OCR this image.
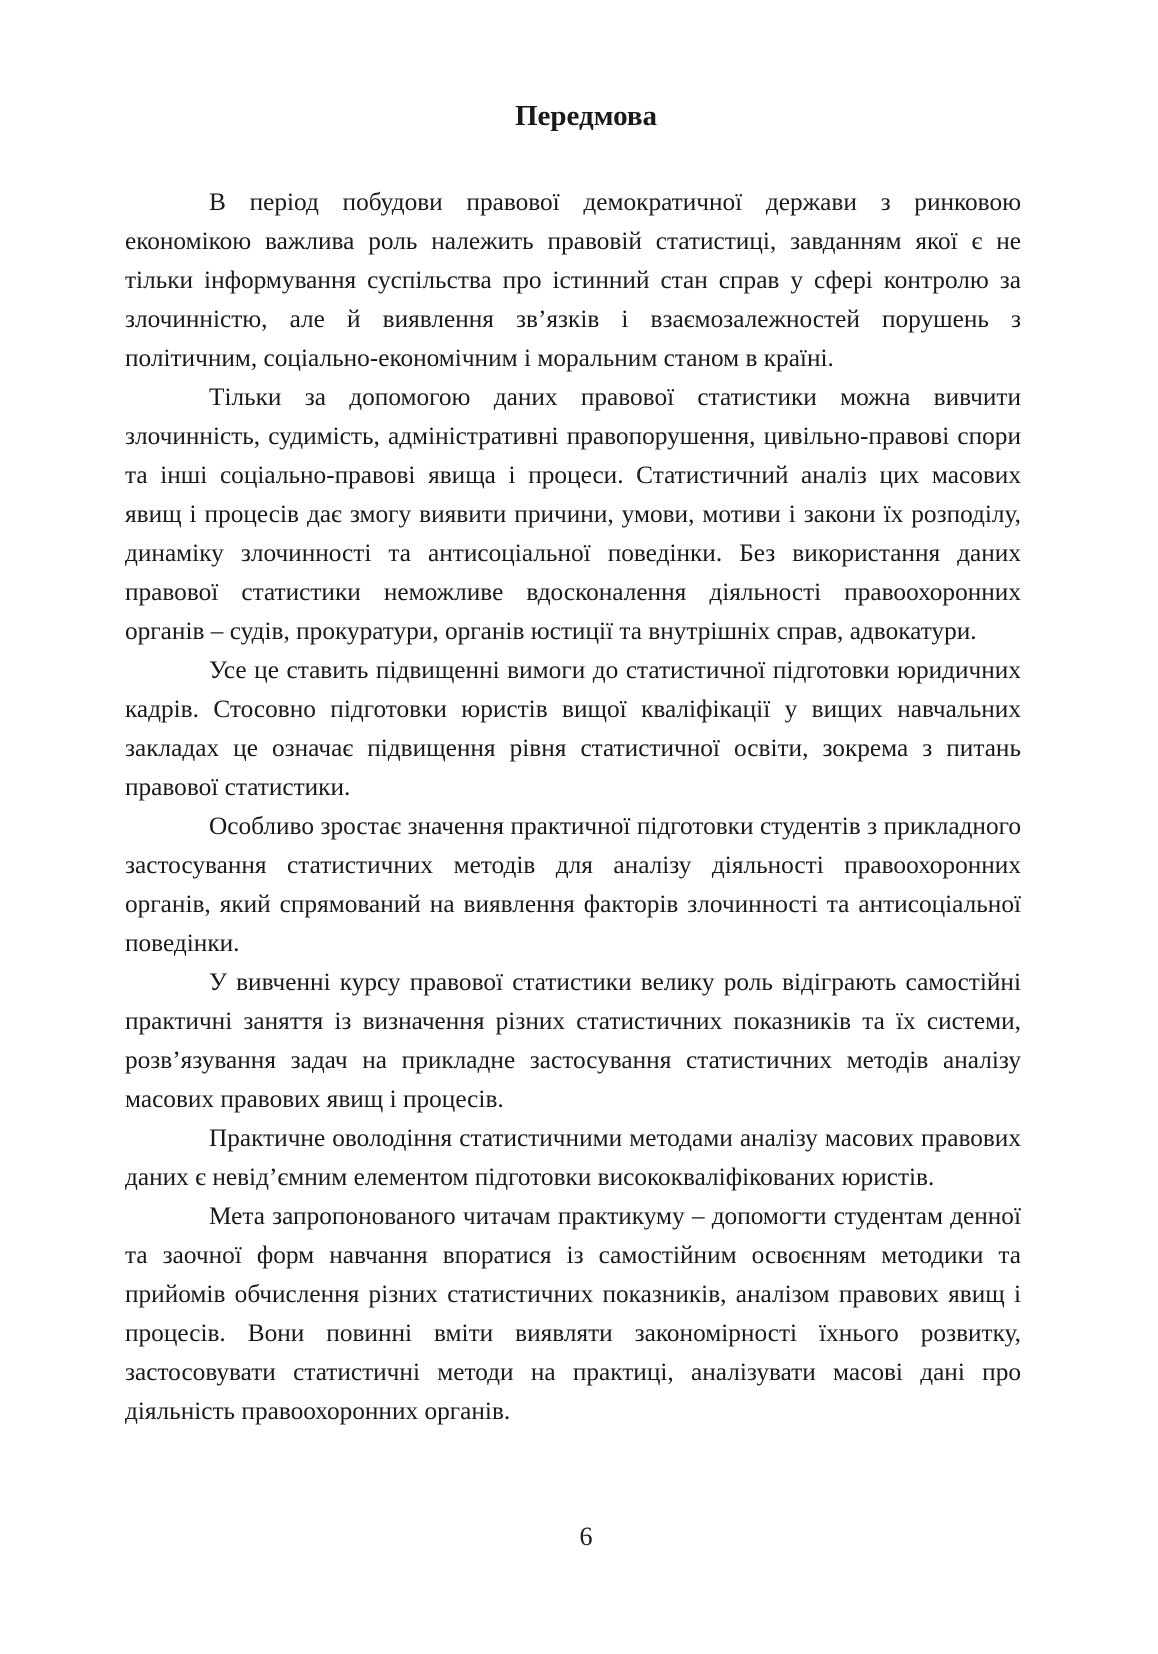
Передмова

В період побудови правової демократичної держави з ринковою економікою важлива роль належить правовій статистиці, завданням якої є не тільки інформування суспільства про істинний стан справ у сфері контролю за злочинністю, але й виявлення зв’язків і взаємозалежностей порушень з політичним, соціально-економічним і моральним станом в країні.

Тільки за допомогою даних правової статистики можна вивчити злочинність, судимість, адміністративні правопорушення, цивільно-правові спори та інші соціально-правові явища і процеси. Статистичний аналіз цих масових явищ і процесів дає змогу виявити причини, умови, мотиви і закони їх розподілу, динаміку злочинності та антисоціальної поведінки. Без використання даних правової статистики неможливе вдосконалення діяльності правоохоронних органів – судів, прокуратури, органів юстиції та внутрішніх справ, адвокатури.

Усе це ставить підвищенні вимоги до статистичної підготовки юридичних кадрів. Стосовно підготовки юристів вищої кваліфікації у вищих навчальних закладах це означає підвищення рівня статистичної освіти, зокрема з питань правової статистики.

Особливо зростає значення практичної підготовки студентів з прикладного застосування статистичних методів для аналізу діяльності правоохоронних органів, який спрямований на виявлення факторів злочинності та антисоціальної поведінки.

У вивченні курсу правової статистики велику роль відіграють самостійні практичні заняття із визначення різних статистичних показників та їх системи, розв’язування задач на прикладне застосування статистичних методів аналізу масових правових явищ і процесів.

Практичне оволодіння статистичними методами аналізу масових правових даних є невід’ємним елементом підготовки висококваліфікованих юристів.

Мета запропонованого читачам практикуму – допомогти студентам денної та заочної форм навчання впоратися із самостійним освоєнням методики та прийомів обчислення різних статистичних показників, аналізом правових явищ і процесів. Вони повинні вміти виявляти закономірності їхнього розвитку, застосовувати статистичні методи на практиці, аналізувати масові дані про діяльність правоохоронних органів.

6
